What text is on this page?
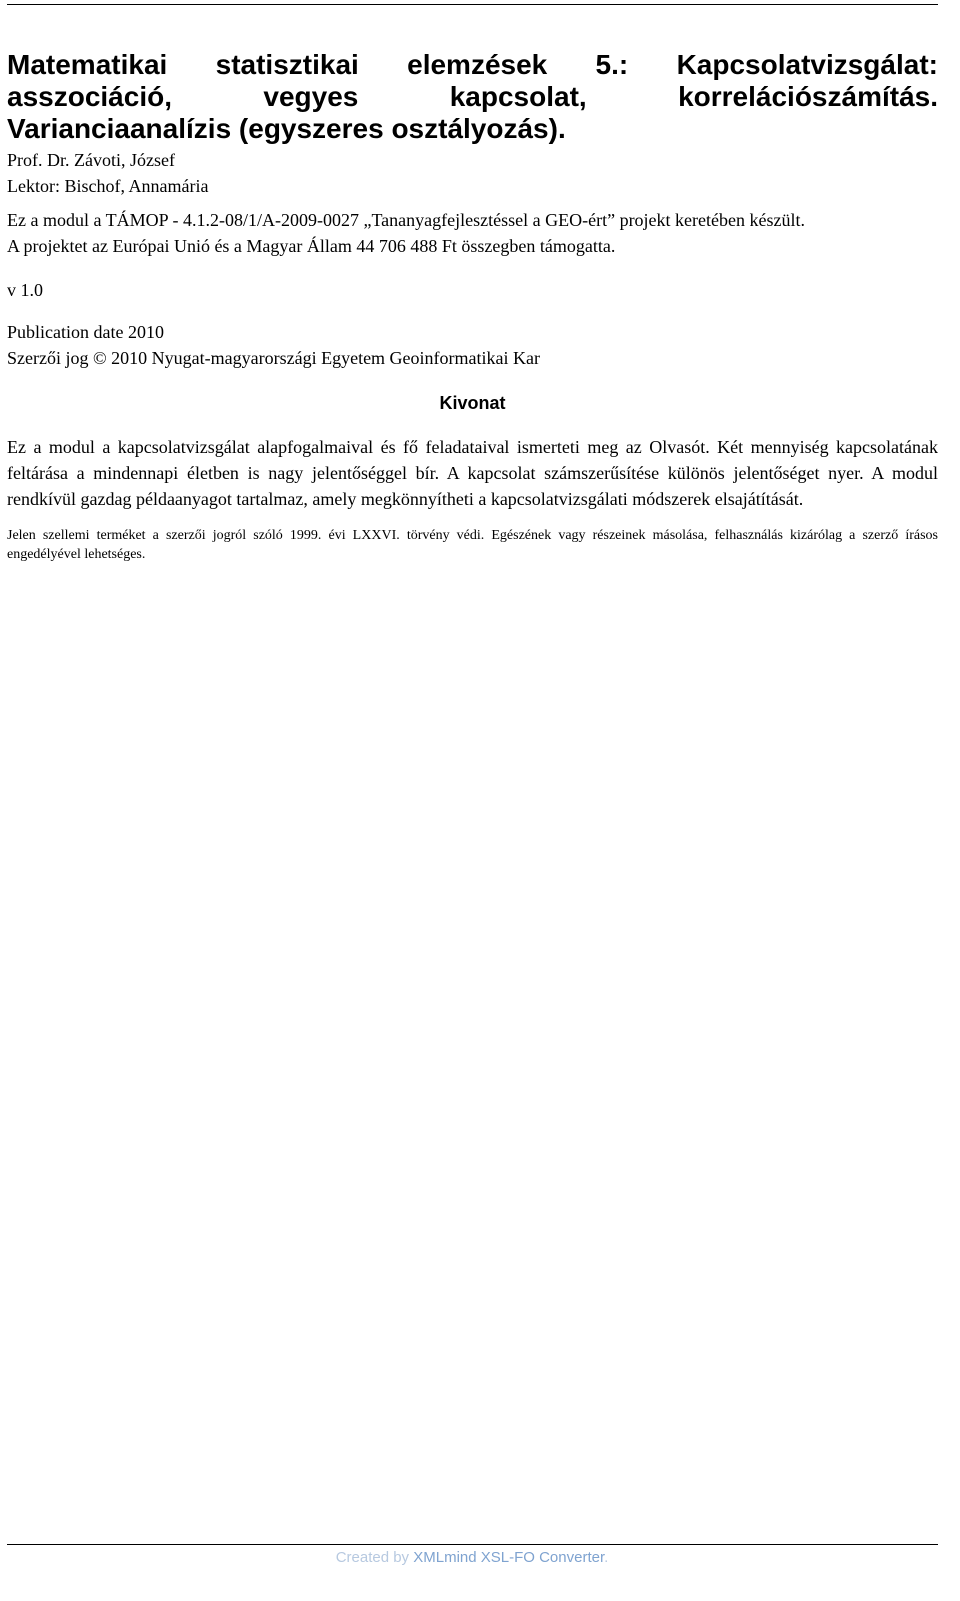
Matematikai statisztikai elemzések 5.: Kapcsolatvizsgálat:
asszociáció, vegyes kapcsolat, korrelációszámítás.
Varianciaanalízis (egyszeres osztályozás).

Prof. Dr. Závoti, József

Lektor: Bischof, Annamária

Ez a modul a TÁMOP - 4.1.2-08/1/A-2009-0027 „Tananyagfejlesztéssel a GEO-ért” projekt keretében készült.
A projektet az Európai Unió és a Magyar Állam 44 706 488 Ft összegben támogatta.

v 1.0

Publication date 2010

Szerzői jog © 2010 Nyugat-magyarországi Egyetem Geoinformatikai Kar

Kivonat

Ez a modul a kapcsolatvizsgálat alapfogalmaival és fő feladataival ismerteti meg az Olvasót. Két mennyiség kapcsolatának feltárása a mindennapi életben is nagy jelentőséggel bír. A kapcsolat számszerűsítése különös jelentőséget nyer. A modul rendkívül gazdag példaanyagot tartalmaz, amely megkönnyítheti a kapcsolatvizsgálati módszerek elsajátítását.

Jelen szellemi terméket a szerzői jogról szóló 1999. évi LXXVI. törvény védi. Egészének vagy részeinek másolása, felhasználás kizárólag a szerző írásos engedélyével lehetséges.

Created by XMLmind XSL-FO Converter.
